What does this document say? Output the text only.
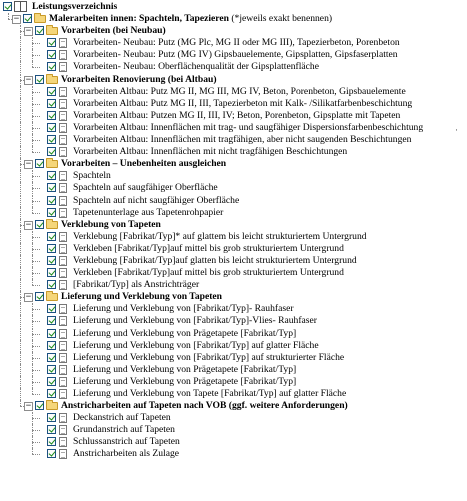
Leistungsverzeichnis
−	Malerarbeiten innen: Spachteln, Tapezieren (*jeweils exakt benennen)
−	Vorarbeiten (bei Neubau)
Vorarbeiten- Neubau: Putz (MG Plc, MG II oder MG III), Tapezierbeton, Porenbeton
Vorarbeiten- Neubau: Putz (MG IV) Gipsbauelemente, Gipsplatten, Gipsfaserplatten
Vorarbeiten- Neubau: Oberflächenqualität der Gipsplattenfläche
−	Vorarbeiten Renovierung (bei Altbau)
Vorarbeiten Altbau: Putz MG II, MG III, MG IV, Beton, Porenbeton, Gipsbauelemente
Vorarbeiten Altbau: Putz MG II, III, Tapezierbeton mit Kalk- /Silikatfarbenbeschichtung
Vorarbeiten Altbau: Putzen MG II, III, IV; Beton, Porenbeton, Gipsplatte mit Tapeten
Vorarbeiten Altbau: Innenflächen mit trag- und saugfähiger Dispersionsfarbenbeschichtung
Vorarbeiten Altbau: Innenflächen mit tragfähigen, aber nicht saugenden Beschichtungen
Vorarbeiten Altbau: Innenflächen mit nicht tragfähigen Beschichtungen
−	Vorarbeiten – Unebenheiten ausgleichen
Spachteln
Spachteln auf saugfähiger Oberfläche
Spachteln auf nicht saugfähiger Oberfläche
Tapetenunterlage aus Tapetenrohpapier
−	Verklebung von Tapeten
Verklebung [Fabrikat/Typ]* auf glattem bis leicht strukturiertem Untergrund
Verkleben [Fabrikat/Typ]auf mittel bis grob strukturiertem Untergrund
Verklebung [Fabrikat/Typ]auf glatten bis leicht strukturiertem Untergrund
Verkleben [Fabrikat/Typ]auf mittel bis grob strukturiertem Untergrund
[Fabrikat/Typ] als Anstrichträger
−	Lieferung und Verklebung von Tapeten
Lieferung und Verklebung von [Fabrikat/Typ]- Rauhfaser
Lieferung und Verklebung von [Fabrikat/Typ]-Vlies- Rauhfaser
Lieferung und Verklebung von Prägetapete [Fabrikat/Typ]
Lieferung und Verklebung von [Fabrikat/Typ] auf glatter Fläche
Lieferung und Verklebung von [Fabrikat/Typ] auf strukturierter Fläche
Lieferung und Verklebung von Prägetapete [Fabrikat/Typ]
Lieferung und Verklebung von Prägetapete [Fabrikat/Typ]
Lieferung und Verklebung von Tapete [Fabrikat/Typ] auf glatter Fläche
−	Anstricharbeiten auf Tapeten nach VOB (ggf. weitere Anforderungen)
Deckanstrich auf Tapeten
Grundanstrich auf Tapeten
Schlussanstrich auf Tapeten
Anstricharbeiten als Zulage
·
